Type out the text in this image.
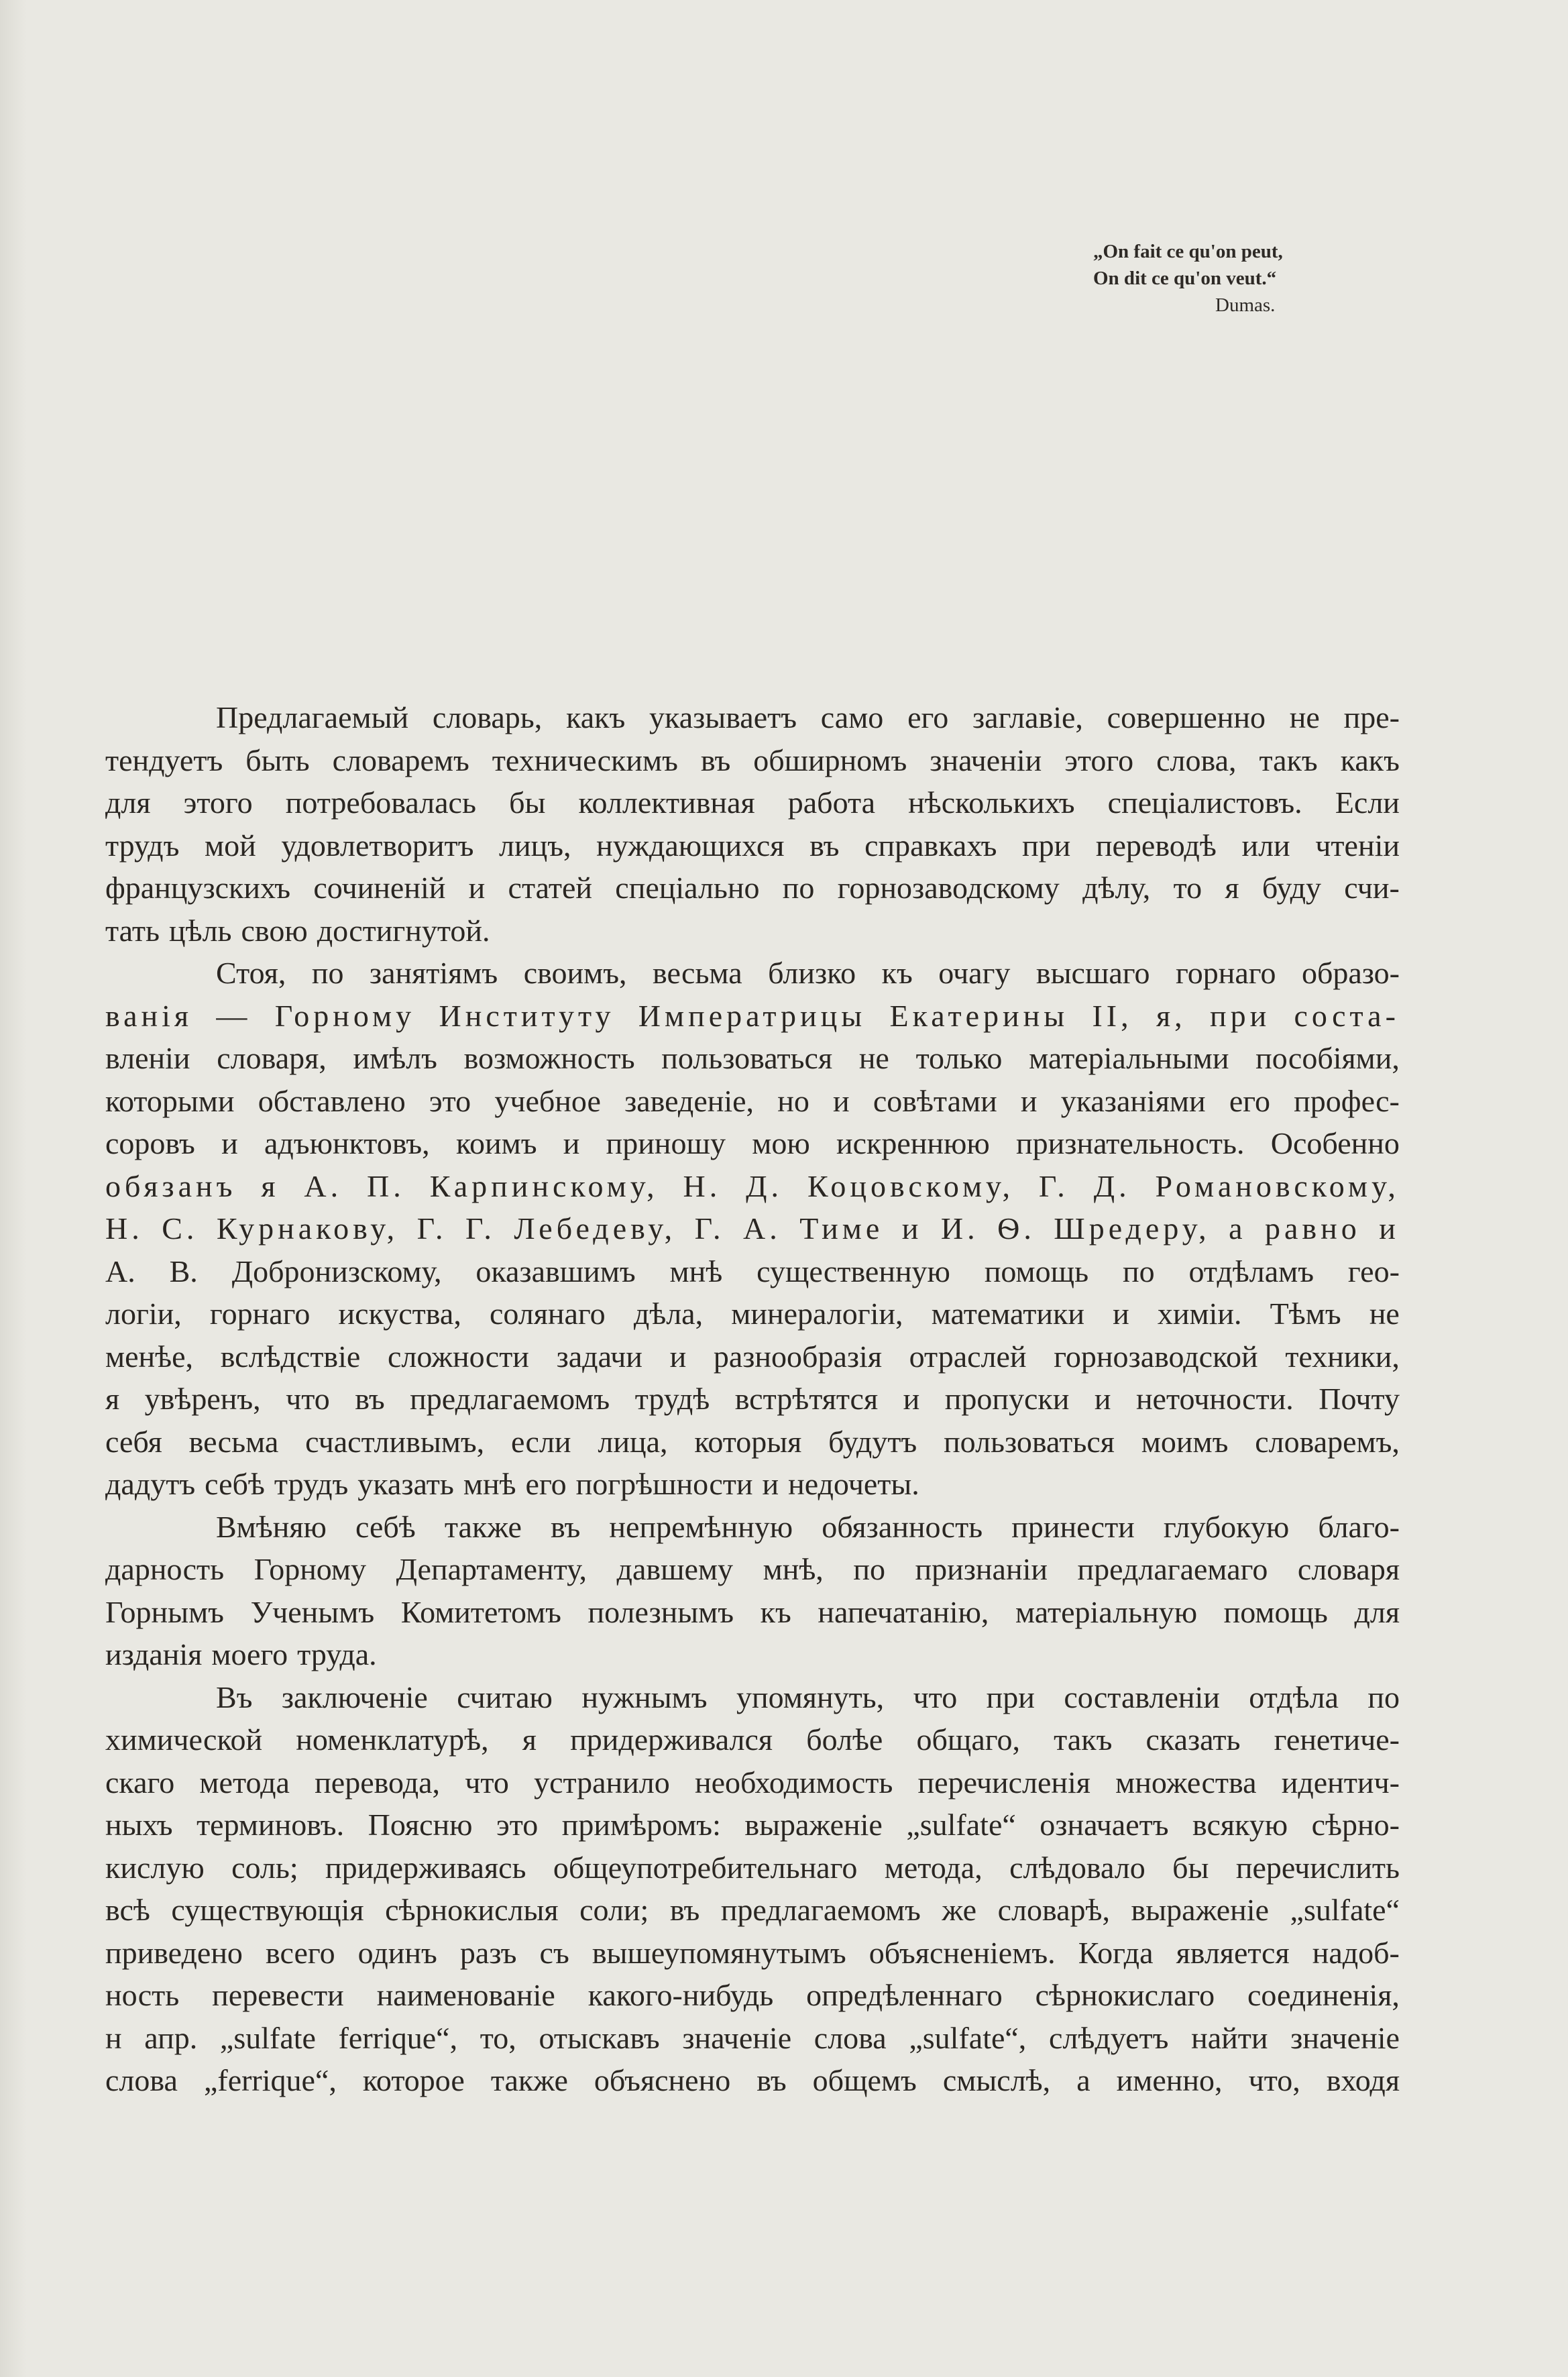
„On fait ce qu'on peut,
On dit ce qu'on veut.“
Dumas.
Предлагаемый словарь, какъ указываетъ само его заглавіе, совершенно не пре-
тендуетъ быть словаремъ техническимъ въ обширномъ значеніи этого слова, такъ какъ
для этого потребовалась бы коллективная работа нѣсколькихъ спеціалистовъ. Если
трудъ мой удовлетворитъ лицъ, нуждающихся въ справкахъ при переводѣ или чтеніи
французскихъ сочиненій и статей спеціально по горнозаводскому дѣлу, то я буду счи-
тать цѣль свою достигнутой.
Стоя, по занятіямъ своимъ, весьма близко къ очагу высшаго горнаго образо-
ванія — Горному Институту Императрицы Екатерины II, я, при соста-
вленіи словаря, имѣлъ возможность пользоваться не только матеріальными пособіями,
которыми обставлено это учебное заведеніе, но и совѣтами и указаніями его профес-
соровъ и адъюнктовъ, коимъ и приношу мою искреннюю признательность. Особенно
обязанъ я А. П. Карпинскому, Н. Д. Коцовскому, Г. Д. Романовскому,
Н. С. Курнакову, Г. Г. Лебедеву, Г. А. Тиме и И. Ѳ. Шредеру, а равно и
А. В. Добронизскому, оказавшимъ мнѣ существенную помощь по отдѣламъ гео-
логіи, горнаго искуства, солянаго дѣла, минералогіи, математики и химіи. Тѣмъ не
менѣе, вслѣдствіе сложности задачи и разнообразія отраслей горнозаводской техники,
я увѣренъ, что въ предлагаемомъ трудѣ встрѣтятся и пропуски и неточности. Почту
себя весьма счастливымъ, если лица, которыя будутъ пользоваться моимъ словаремъ,
дадутъ себѣ трудъ указать мнѣ его погрѣшности и недочеты.
Вмѣняю себѣ также въ непремѣнную обязанность принести глубокую благо-
дарность Горному Департаменту, давшему мнѣ, по признаніи предлагаемаго словаря
Горнымъ Ученымъ Комитетомъ полезнымъ къ напечатанію, матеріальную помощь для
изданія моего труда.
Въ заключеніе считаю нужнымъ упомянуть, что при составленіи отдѣла по
химической номенклатурѣ, я придерживался болѣе общаго, такъ сказать генетиче-
скаго метода перевода, что устранило необходимость перечисленія множества идентич-
ныхъ терминовъ. Поясню это примѣромъ: выраженіе „sulfate“ означаетъ всякую сѣрно-
кислую соль; придерживаясь общеупотребительнаго метода, слѣдовало бы перечислить
всѣ существующія сѣрнокислыя соли; въ предлагаемомъ же словарѣ, выраженіе „sulfate“
приведено всего одинъ разъ съ вышеупомянутымъ объясненіемъ. Когда является надоб-
ность перевести наименованіе какого-нибудь опредѣленнаго сѣрнокислаго соединенія,
н апр. „sulfate ferrique“, то, отыскавъ значеніе слова „sulfate“, слѣдуетъ найти значеніе
слова „ferrique“, которое также объяснено въ общемъ смыслѣ, а именно, что, входя
